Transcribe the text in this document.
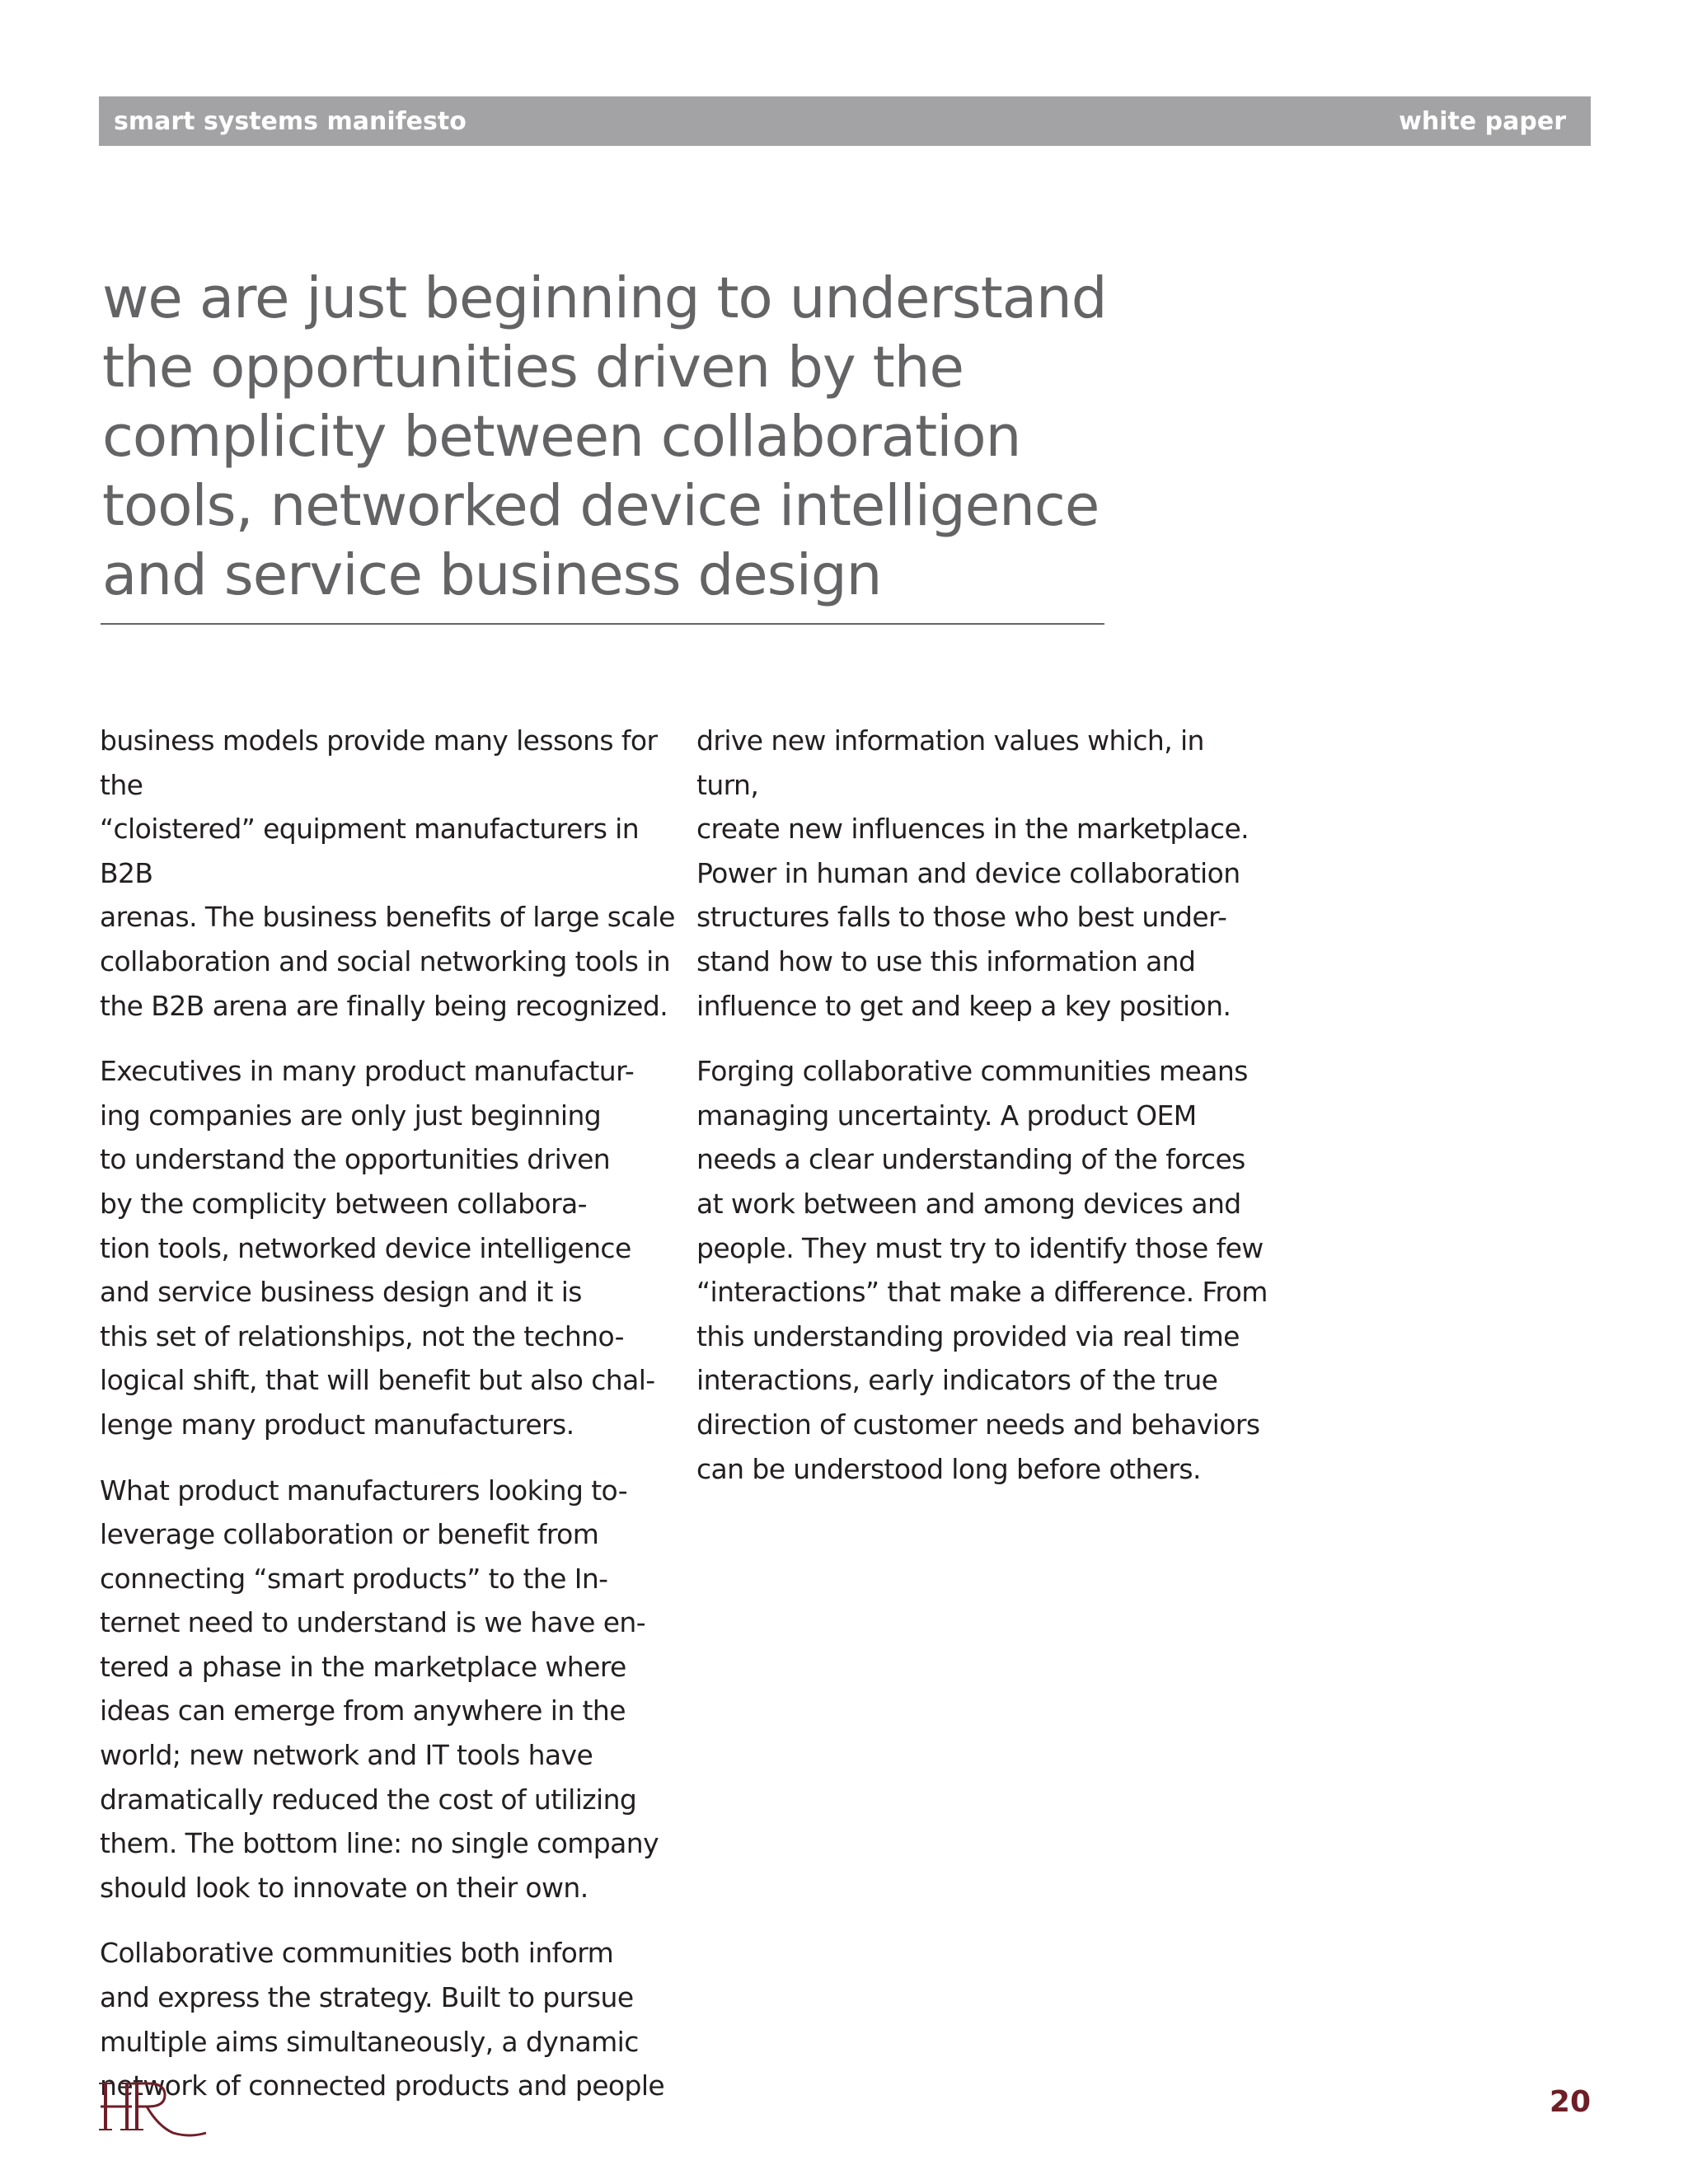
smart systems manifesto	white paper
we are just beginning to understand
the opportunities driven by the
complicity between collaboration
tools, networked device intelligence
and service business design

business models provide many lessons for the
“cloistered” equipment manufacturers in B2B
arenas. The business benefits of large scale
collaboration and social networking tools in
the B2B arena are finally being recognized.

Executives in many product manufactur-
ing companies are only just beginning
to understand the opportunities driven
by the complicity between collabora-
tion tools, networked device intelligence
and service business design and it is
this set of relationships, not the techno-
logical shift, that will benefit but also chal-
lenge many product manufacturers.

What product manufacturers looking to-
leverage collaboration or benefit from
connecting “smart products” to the In-
ternet need to understand is we have en-
tered a phase in the marketplace where
ideas can emerge from anywhere in the
world; new network and IT tools have
dramatically reduced the cost of utilizing
them. The bottom line: no single company
should look to innovate on their own.

Collaborative communities both inform
and express the strategy. Built to pursue
multiple aims simultaneously, a dynamic
network of connected products and people

drive new information values which, in turn,
create new influences in the marketplace.
Power in human and device collaboration
structures falls to those who best under-
stand how to use this information and
influence to get and keep a key position.

Forging collaborative communities means
managing uncertainty. A product OEM
needs a clear understanding of the forces
at work between and among devices and
people. They must try to identify those few
“interactions” that make a difference. From
this understanding provided via real time
interactions, early indicators of the true
direction of customer needs and behaviors
can be understood long before others.

20
